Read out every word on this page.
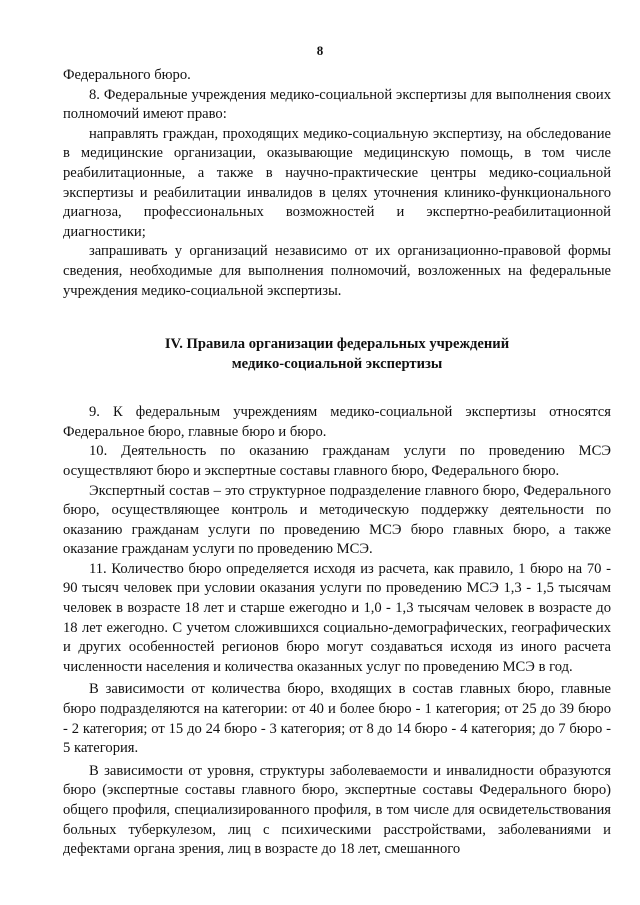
8

Федерального бюро.

8. Федеральные учреждения медико-социальной экспертизы для выполнения своих полномочий имеют право:

направлять граждан, проходящих медико-социальную экспертизу, на обследование в медицинские организации, оказывающие медицинскую помощь, в том числе реабилитационные, а также в научно-практические центры медико-социальной экспертизы и реабилитации инвалидов в целях уточнения клинико-функционального диагноза, профессиональных возможностей и экспертно-реабилитационной диагностики;

запрашивать у организаций независимо от их организационно-правовой формы сведения, необходимые для выполнения полномочий, возложенных на федеральные учреждения медико-социальной экспертизы.

IV. Правила организации федеральных учреждений
медико-социальной экспертизы

9. К федеральным учреждениям медико-социальной экспертизы относятся Федеральное бюро, главные бюро и бюро.

10. Деятельность по оказанию гражданам услуги по проведению МСЭ осуществляют бюро и экспертные составы главного бюро, Федерального бюро.

Экспертный состав – это структурное подразделение главного бюро, Федерального бюро, осуществляющее контроль и методическую поддержку деятельности по оказанию гражданам услуги по проведению МСЭ бюро главных бюро, а также оказание гражданам услуги по проведению МСЭ.

11. Количество бюро определяется исходя из расчета, как правило, 1 бюро на 70 - 90 тысяч человек при условии оказания услуги по проведению МСЭ 1,3 - 1,5 тысячам человек в возрасте 18 лет и старше ежегодно и 1,0 - 1,3 тысячам человек в возрасте до 18 лет ежегодно. С учетом сложившихся социально-демографических, географических и других особенностей регионов бюро могут создаваться исходя из иного расчета численности населения и количества оказанных услуг по проведению МСЭ в год.

В зависимости от количества бюро, входящих в состав главных бюро, главные бюро подразделяются на категории: от 40 и более бюро - 1 категория; от 25 до 39 бюро - 2 категория; от 15 до 24 бюро - 3 категория; от 8 до 14 бюро - 4 категория; до 7 бюро - 5 категория.

В зависимости от уровня, структуры заболеваемости и инвалидности образуются бюро (экспертные составы главного бюро, экспертные составы Федерального бюро) общего профиля, специализированного профиля, в том числе для освидетельствования больных туберкулезом, лиц с психическими расстройствами, заболеваниями и дефектами органа зрения, лиц в возрасте до 18 лет, смешанного
